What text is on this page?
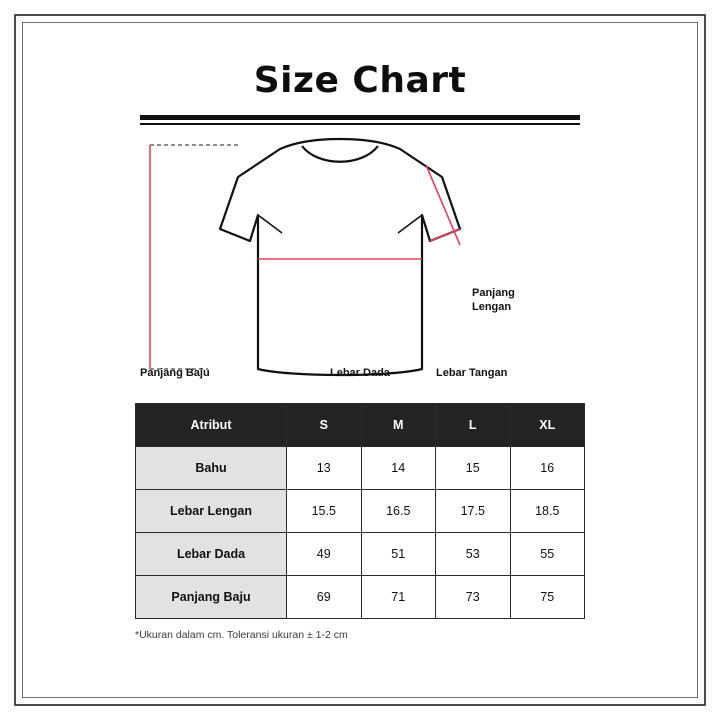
Size Chart
Panjang Baju	Lebar Dada
Panjang
Lengan
Lebar Tangan
Atribut	S	M	L	XL
Bahu	13	14	15	16
Lebar Lengan	15.5	16.5	17.5	18.5
Lebar Dada	49	51	53	55
Panjang Baju	69	71	73	75
*Ukuran dalam cm. Toleransi ukuran ± 1-2 cm
